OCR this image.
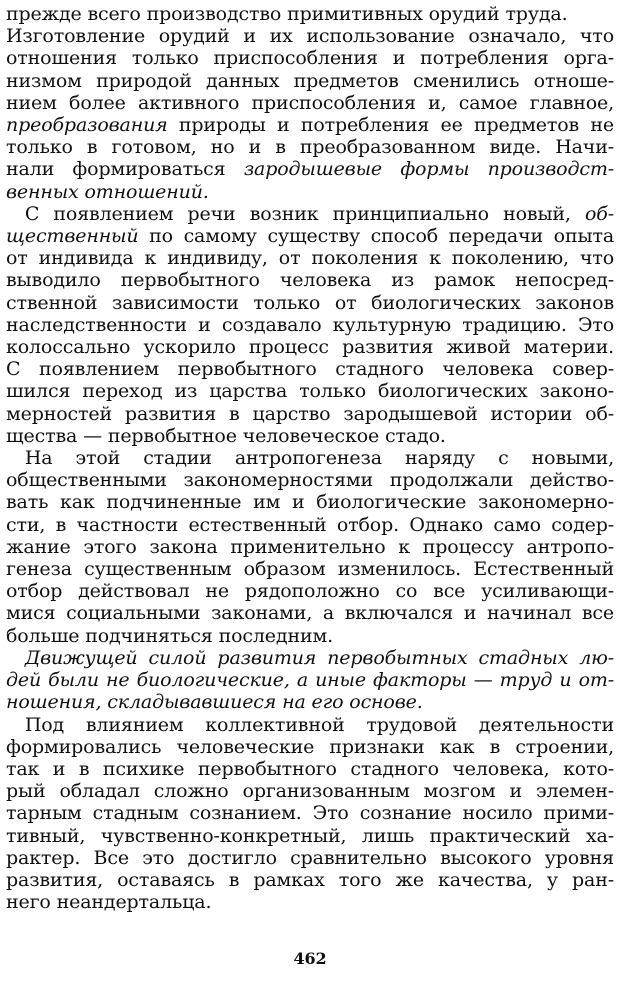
прежде всего производство примитивных орудий труда.
Изготовление орудий и их использование означало, что
отношения только приспособления и потребления орга-
низмом природой данных предметов сменились отноше-
нием более активного приспособления и, самое главное,
преобразования природы и потребления ее предметов не
только в готовом, но и в преобразованном виде. Начи-
нали формироваться зародышевые формы производст-
венных отношений.
 С появлением речи возник принципиально новый, об-
щественный по самому существу способ передачи опыта
от индивида к индивиду, от поколения к поколению, что
выводило первобытного человека из рамок непосред-
ственной зависимости только от биологических законов
наследственности и создавало культурную традицию. Это
колоссально ускорило процесс развития живой материи.
С появлением первобытного стадного человека совер-
шился переход из царства только биологических законо-
мерностей развития в царство зародышевой истории об-
щества — первобытное человеческое стадо.
 На этой стадии антропогенеза наряду с новыми,
общественными закономерностями продолжали действо-
вать как подчиненные им и биологические закономерно-
сти, в частности естественный отбор. Однако само содер-
жание этого закона применительно к процессу антропо-
генеза существенным образом изменилось. Естественный
отбор действовал не рядоположно со все усиливающи-
мися социальными законами, а включался и начинал все
больше подчиняться последним.
 Движущей силой развития первобытных стадных лю-
дей были не биологические, а иные факторы — труд и от-
ношения, складывавшиеся на его основе.
 Под влиянием коллективной трудовой деятельности
формировались человеческие признаки как в строении,
так и в психике первобытного стадного человека, кото-
рый обладал сложно организованным мозгом и элемен-
тарным стадным сознанием. Это сознание носило прими-
тивный, чувственно-конкретный, лишь практический ха-
рактер. Все это достигло сравнительно высокого уровня
развития, оставаясь в рамках того же качества, у ран-
него неандертальца.
462
